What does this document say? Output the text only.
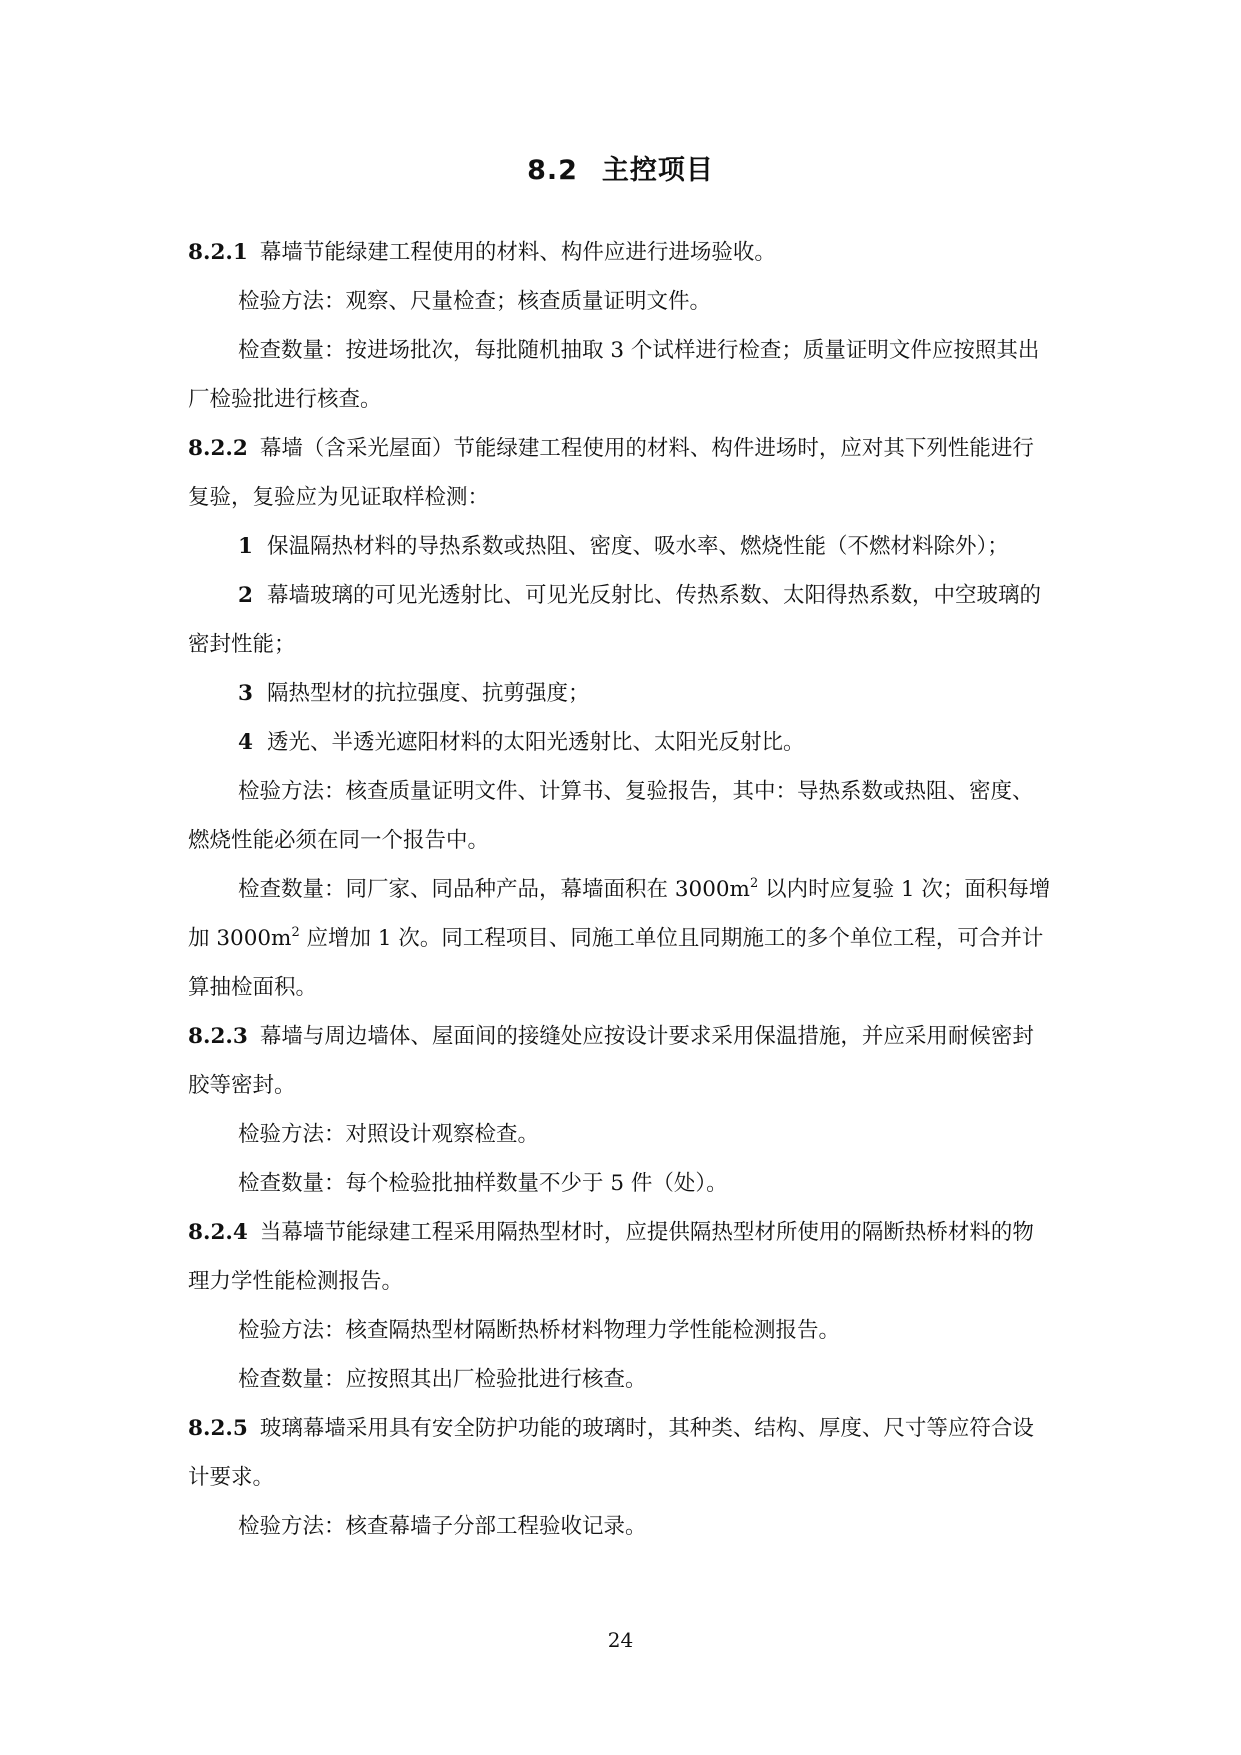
8.2 主控项目

8.2.1 幕墙节能绿建工程使用的材料、构件应进行进场验收。

检验方法：观察、尺量检查；核查质量证明文件。

检查数量：按进场批次，每批随机抽取 3 个试样进行检查；质量证明文件应按照其出厂检验批进行核查。

8.2.2 幕墙（含采光屋面）节能绿建工程使用的材料、构件进场时，应对其下列性能进行复验，复验应为见证取样检测：

1 保温隔热材料的导热系数或热阻、密度、吸水率、燃烧性能（不燃材料除外）；

2 幕墙玻璃的可见光透射比、可见光反射比、传热系数、太阳得热系数，中空玻璃的密封性能；

3 隔热型材的抗拉强度、抗剪强度；

4 透光、半透光遮阳材料的太阳光透射比、太阳光反射比。

检验方法：核查质量证明文件、计算书、复验报告，其中：导热系数或热阻、密度、燃烧性能必须在同一个报告中。

检查数量：同厂家、同品种产品，幕墙面积在 $3000m^2$ 以内时应复验 1 次；面积每增加 $3000m^2$ 应增加 1 次。同工程项目、同施工单位且同期施工的多个单位工程，可合并计算抽检面积。

8.2.3 幕墙与周边墙体、屋面间的接缝处应按设计要求采用保温措施，并应采用耐候密封胶等密封。

检验方法：对照设计观察检查。

检查数量：每个检验批抽样数量不少于 5 件（处）。

8.2.4 当幕墙节能绿建工程采用隔热型材时，应提供隔热型材所使用的隔断热桥材料的物理力学性能检测报告。

检验方法：核查隔热型材隔断热桥材料物理力学性能检测报告。

检查数量：应按照其出厂检验批进行核查。

8.2.5 玻璃幕墙采用具有安全防护功能的玻璃时，其种类、结构、厚度、尺寸等应符合设计要求。

检验方法：核查幕墙子分部工程验收记录。

24
